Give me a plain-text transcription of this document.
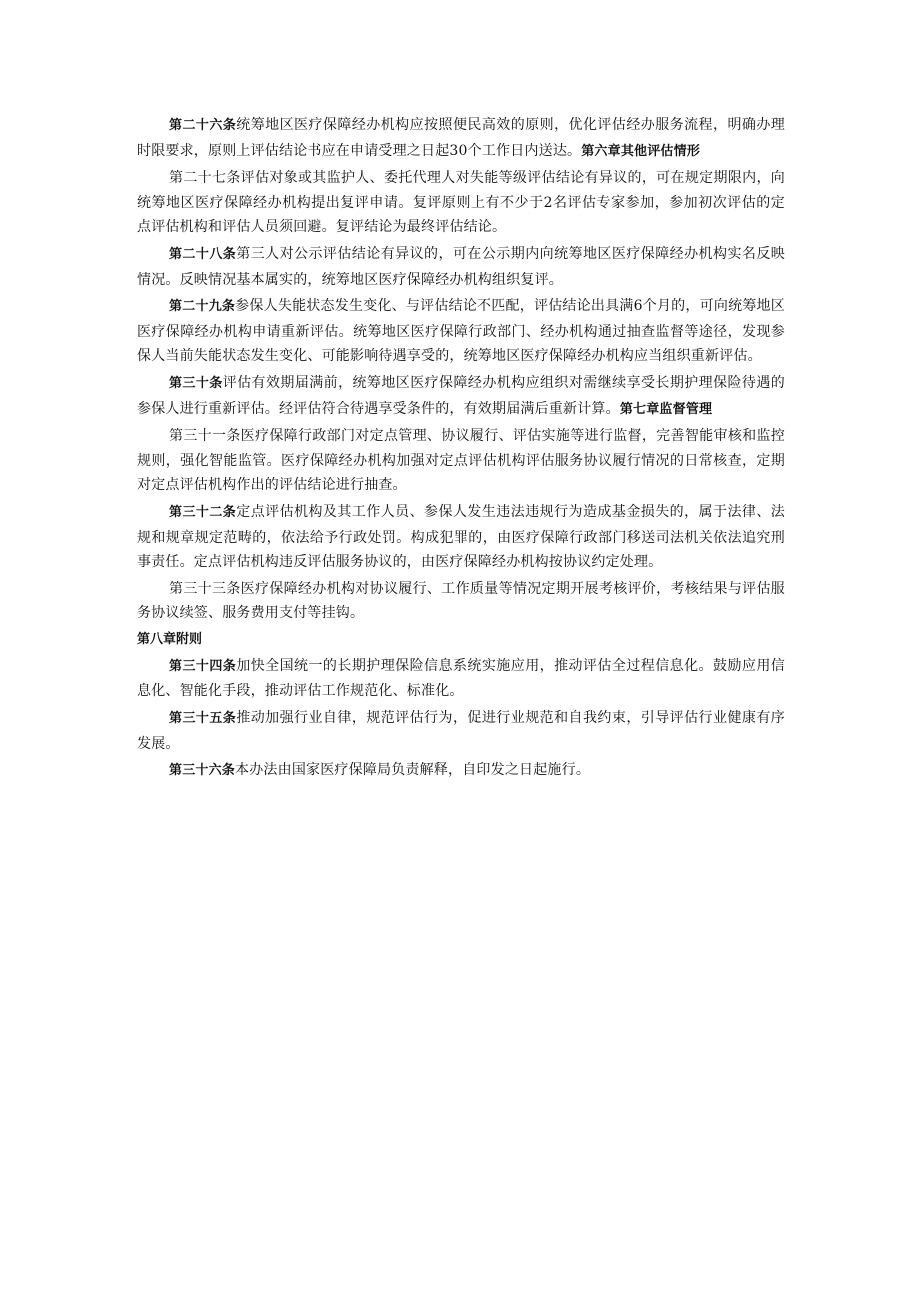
第二十六条统筹地区医疗保障经办机构应按照便民高效的原则，优化评估经办服务流程，明确办理时限要求，原则上评估结论书应在申请受理之日起30个工作日内送达。第六章其他评估情形

第二十七条评估对象或其监护人、委托代理人对失能等级评估结论有异议的，可在规定期限内，向统筹地区医疗保障经办机构提出复评申请。复评原则上有不少于2名评估专家参加，参加初次评估的定点评估机构和评估人员须回避。复评结论为最终评估结论。

第二十八条第三人对公示评估结论有异议的，可在公示期内向统筹地区医疗保障经办机构实名反映情况。反映情况基本属实的，统筹地区医疗保障经办机构组织复评。

第二十九条参保人失能状态发生变化、与评估结论不匹配，评估结论出具满6个月的，可向统筹地区医疗保障经办机构申请重新评估。统筹地区医疗保障行政部门、经办机构通过抽查监督等途径，发现参保人当前失能状态发生变化、可能影响待遇享受的，统筹地区医疗保障经办机构应当组织重新评估。

第三十条评估有效期届满前，统筹地区医疗保障经办机构应组织对需继续享受长期护理保险待遇的参保人进行重新评估。经评估符合待遇享受条件的，有效期届满后重新计算。第七章监督管理

第三十一条医疗保障行政部门对定点管理、协议履行、评估实施等进行监督，完善智能审核和监控规则，强化智能监管。医疗保障经办机构加强对定点评估机构评估服务协议履行情况的日常核查，定期对定点评估机构作出的评估结论进行抽查。

第三十二条定点评估机构及其工作人员、参保人发生违法违规行为造成基金损失的，属于法律、法规和规章规定范畴的，依法给予行政处罚。构成犯罪的，由医疗保障行政部门移送司法机关依法追究刑事责任。定点评估机构违反评估服务协议的，由医疗保障经办机构按协议约定处理。

第三十三条医疗保障经办机构对协议履行、工作质量等情况定期开展考核评价，考核结果与评估服务协议续签、服务费用支付等挂钩。

第八章附则

第三十四条加快全国统一的长期护理保险信息系统实施应用，推动评估全过程信息化。鼓励应用信息化、智能化手段，推动评估工作规范化、标准化。

第三十五条推动加强行业自律，规范评估行为，促进行业规范和自我约束，引导评估行业健康有序发展。

第三十六条本办法由国家医疗保障局负责解释，自印发之日起施行。
